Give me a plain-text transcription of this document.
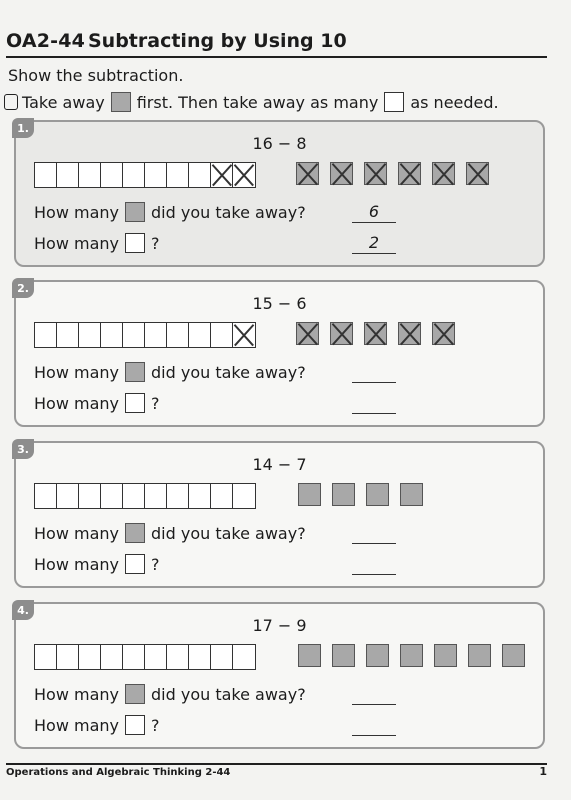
OA2-44 Subtracting by Using 10
Show the subtraction.
Take away first. Then take away as many as needed.
1.
16 − 8
How many did you take away?	6
How many ?	2
2.
15 − 6
How many did you take away?
How many ?
3.
14 − 7
How many did you take away?
How many ?
4.
17 − 9
How many did you take away?
How many ?
Operations and Algebraic Thinking 2-44	1
